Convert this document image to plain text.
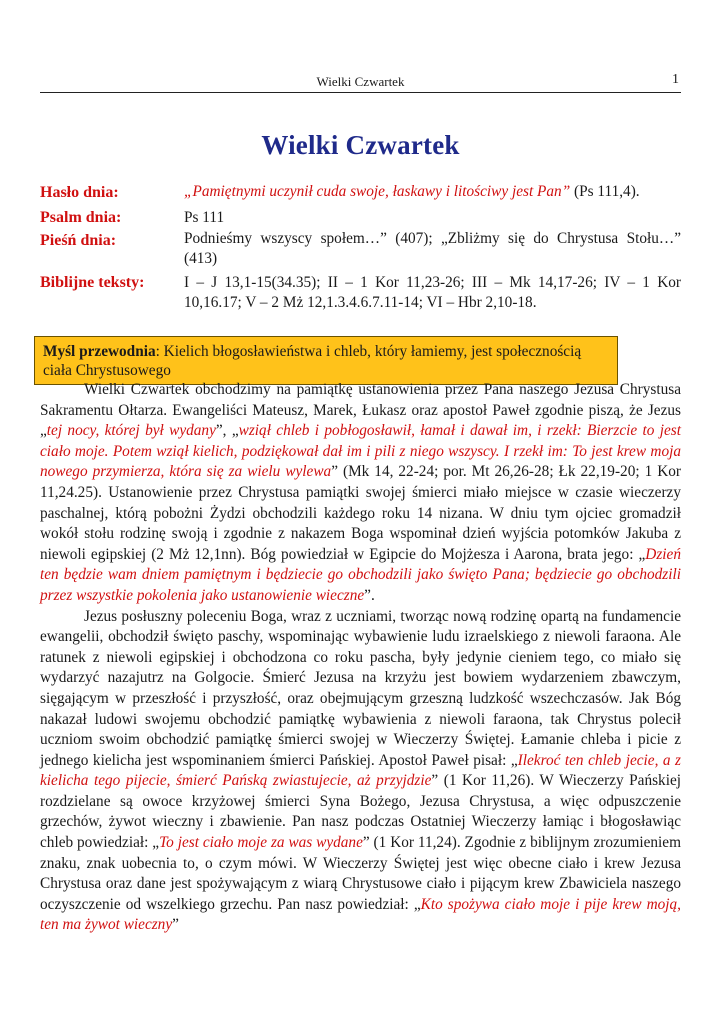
Wielki Czwartek	1
Wielki Czwartek
Hasło dnia:	„Pamiętnymi uczynił cuda swoje, łaskawy i litościwy jest Pan” (Ps 111,4).
Psalm dnia:	Ps 111
Pieśń dnia:	Podnieśmy wszyscy społem…” (407); „Zbliżmy się do Chrystusa Stołu…” (413)
Biblijne teksty:	I – J 13,1-15(34.35); II – 1 Kor 11,23-26; III – Mk 14,17-26; IV – 1 Kor 10,16.17; V – 2 Mż 12,1.3.4.6.7.11-14; VI – Hbr 2,10-18.
Myśl przewodnia: Kielich błogosławieństwa i chleb, który łamiemy, jest społecznością ciała Chrystusowego

Wielki Czwartek obchodzimy na pamiątkę ustanowienia przez Pana naszego Jezusa Chrystusa Sakramentu Ołtarza. Ewangeliści Mateusz, Marek, Łukasz oraz apostoł Paweł zgodnie piszą, że Jezus „tej nocy, której był wydany”, „wziął chleb i pobłogosławił, łamał i dawał im, i rzekł: Bierzcie to jest ciało moje. Potem wziął kielich, podziękował dał im i pili z niego wszyscy. I rzekł im: To jest krew moja nowego przymierza, która się za wielu wylewa” (Mk 14, 22-24; por. Mt 26,26-28; Łk 22,19-20; 1 Kor 11,24.25). Ustanowienie przez Chrystusa pamiątki swojej śmierci miało miejsce w czasie wieczerzy paschalnej, którą pobożni Żydzi obchodzili każdego roku 14 nizana. W dniu tym ojciec gromadził wokół stołu rodzinę swoją i zgodnie z nakazem Boga wspominał dzień wyjścia potomków Jakuba z niewoli egipskiej (2 Mż 12,1nn). Bóg powiedział w Egipcie do Mojżesza i Aarona, brata jego: „Dzień ten będzie wam dniem pamiętnym i będziecie go obchodzili jako święto Pana; będziecie go obchodzili przez wszystkie pokolenia jako ustanowienie wieczne”.

Jezus posłuszny poleceniu Boga, wraz z uczniami, tworząc nową rodzinę opartą na fundamencie ewangelii, obchodził święto paschy, wspominając wybawienie ludu izraelskiego z niewoli faraona. Ale ratunek z niewoli egipskiej i obchodzona co roku pascha, były jedynie cieniem tego, co miało się wydarzyć nazajutrz na Golgocie. Śmierć Jezusa na krzyżu jest bowiem wydarzeniem zbawczym, sięgającym w przeszłość i przyszłość, oraz obejmującym grzeszną ludzkość wszechczasów. Jak Bóg nakazał ludowi swojemu obchodzić pamiątkę wybawienia z niewoli faraona, tak Chrystus polecił uczniom swoim obchodzić pamiątkę śmierci swojej w Wieczerzy Świętej. Łamanie chleba i picie z jednego kielicha jest wspominaniem śmierci Pańskiej. Apostoł Paweł pisał: „Ilekroć ten chleb jecie, a z kielicha tego pijecie, śmierć Pańską zwiastujecie, aż przyjdzie” (1 Kor 11,26). W Wieczerzy Pańskiej rozdzielane są owoce krzyżowej śmierci Syna Bożego, Jezusa Chrystusa, a więc odpuszczenie grzechów, żywot wieczny i zbawienie. Pan nasz podczas Ostatniej Wieczerzy łamiąc i błogosławiąc chleb powiedział: „To jest ciało moje za was wydane” (1 Kor 11,24). Zgodnie z biblijnym zrozumieniem znaku, znak uobecnia to, o czym mówi. W Wieczerzy Świętej jest więc obecne ciało i krew Jezusa Chrystusa oraz dane jest spożywającym z wiarą Chrystusowe ciało i pijącym krew Zbawiciela naszego oczyszczenie od wszelkiego grzechu. Pan nasz powiedział: „Kto spożywa ciało moje i pije krew moją, ten ma żywot wieczny”
